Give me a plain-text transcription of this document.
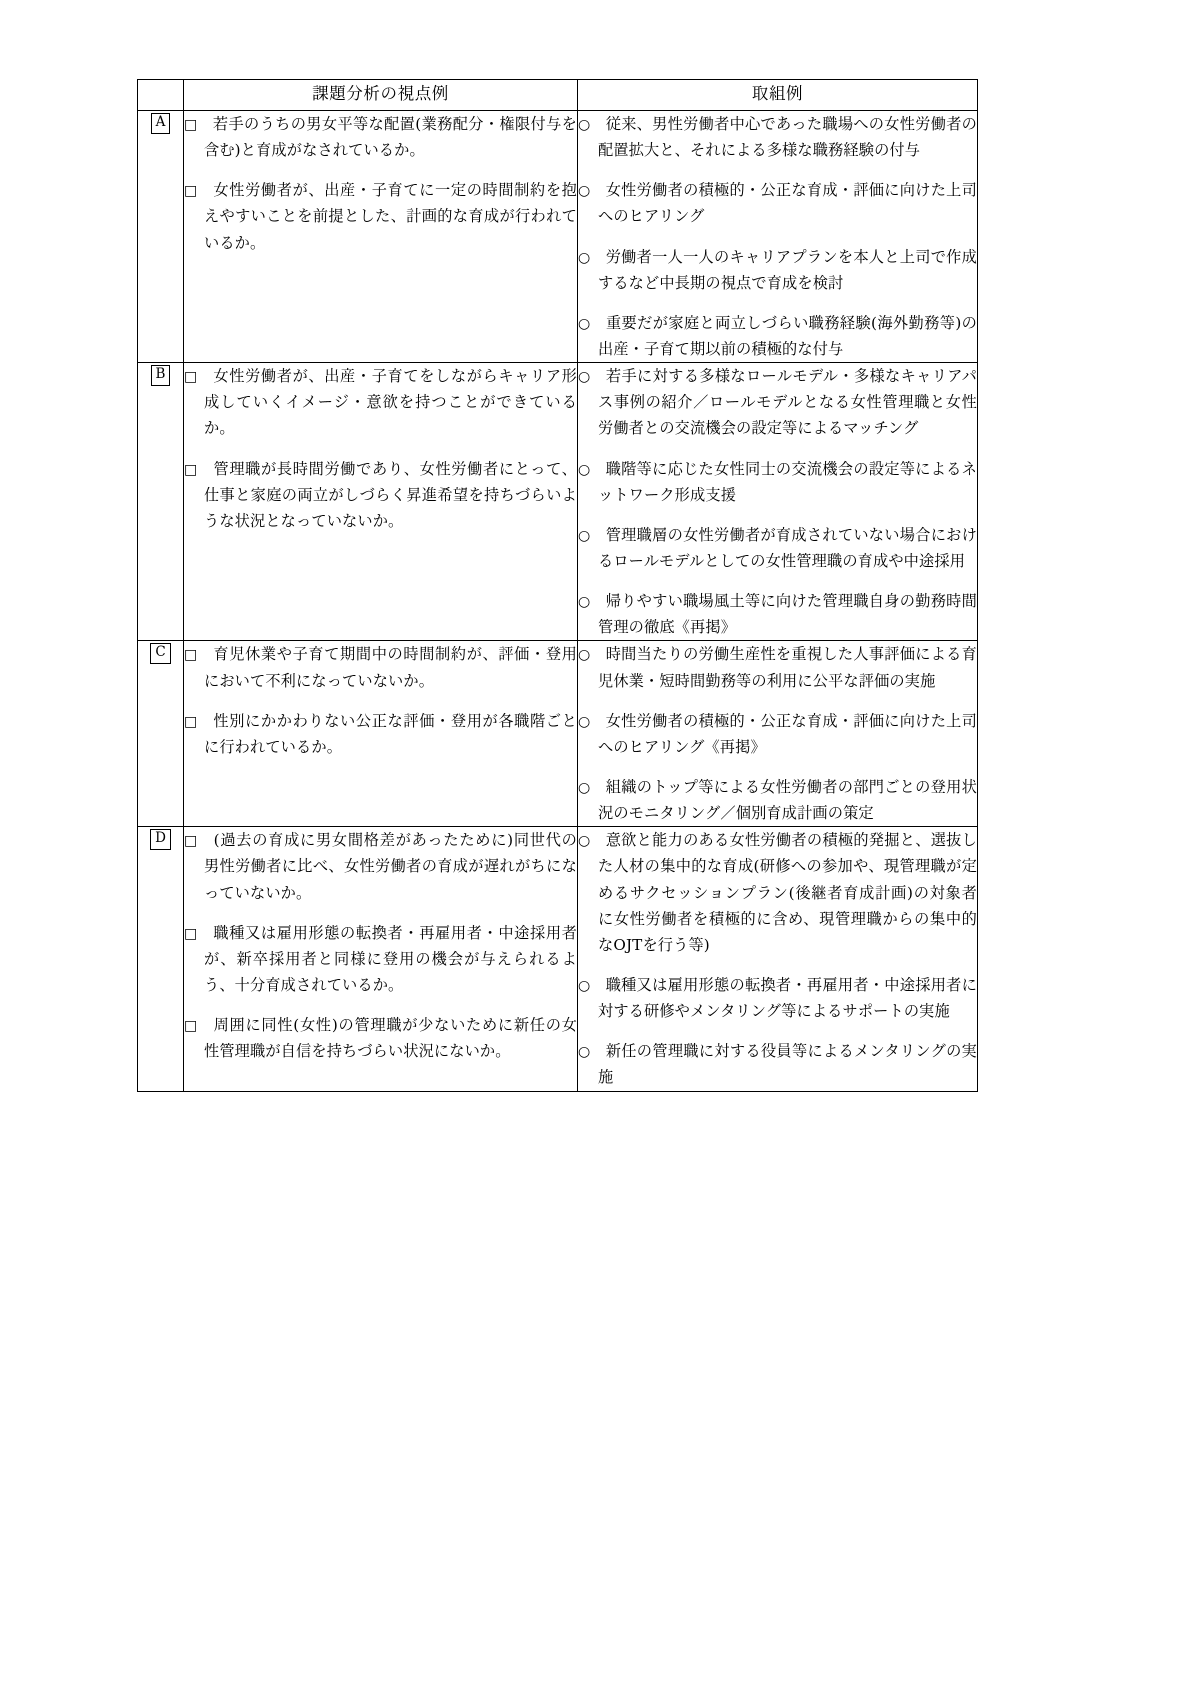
	課題分析の視点例	取組例
A	□　 若手のうちの男女平等な配置(業務配分・権限付与を含む)と育成がなされているか。
□　 女性労働者が、出産・子育てに一定の時間制約を抱えやすいことを前提とした、計画的な育成が行われているか。

○　 従来、男性労働者中心であった職場への女性労働者の配置拡大と、それによる多様な職務経験の付与
○　 女性労働者の積極的・公正な育成・評価に向けた上司へのヒアリング
○　 労働者一人一人のキャリアプランを本人と上司で作成するなど中長期の視点で育成を検討
○　 重要だが家庭と両立しづらい職務経験(海外勤務等)の出産・子育て期以前の積極的な付与

B	□　 女性労働者が、出産・子育てをしながらキャリア形成していくイメージ・意欲を持つことができているか。
□　 管理職が長時間労働であり、女性労働者にとって、仕事と家庭の両立がしづらく昇進希望を持ちづらいような状況となっていないか。

○　 若手に対する多様なロールモデル・多様なキャリアパス事例の紹介／ロールモデルとなる女性管理職と女性労働者との交流機会の設定等によるマッチング
○　 職階等に応じた女性同士の交流機会の設定等によるネットワーク形成支援
○　 管理職層の女性労働者が育成されていない場合におけるロールモデルとしての女性管理職の育成や中途採用
○　 帰りやすい職場風土等に向けた管理職自身の勤務時間管理の徹底《再掲》

C	□　 育児休業や子育て期間中の時間制約が、評価・登用において不利になっていないか。
□　 性別にかかわりない公正な評価・登用が各職階ごとに行われているか。

○　 時間当たりの労働生産性を重視した人事評価による育児休業・短時間勤務等の利用に公平な評価の実施
○　 女性労働者の積極的・公正な育成・評価に向けた上司へのヒアリング《再掲》
○　 組織のトップ等による女性労働者の部門ごとの登用状況のモニタリング／個別育成計画の策定

D	□　 (過去の育成に男女間格差があったために)同世代の男性労働者に比べ、女性労働者の育成が遅れがちになっていないか。
□　 職種又は雇用形態の転換者・再雇用者・中途採用者が、新卒採用者と同様に登用の機会が与えられるよう、十分育成されているか。
□　 周囲に同性(女性)の管理職が少ないために新任の女性管理職が自信を持ちづらい状況にないか。

○　 意欲と能力のある女性労働者の積極的発掘と、選抜した人材の集中的な育成(研修への参加や、現管理職が定めるサクセッションプラン(後継者育成計画)の対象者に女性労働者を積極的に含め、現管理職からの集中的なOJTを行う等)
○　 職種又は雇用形態の転換者・再雇用者・中途採用者に対する研修やメンタリング等によるサポートの実施
○　 新任の管理職に対する役員等によるメンタリングの実施
